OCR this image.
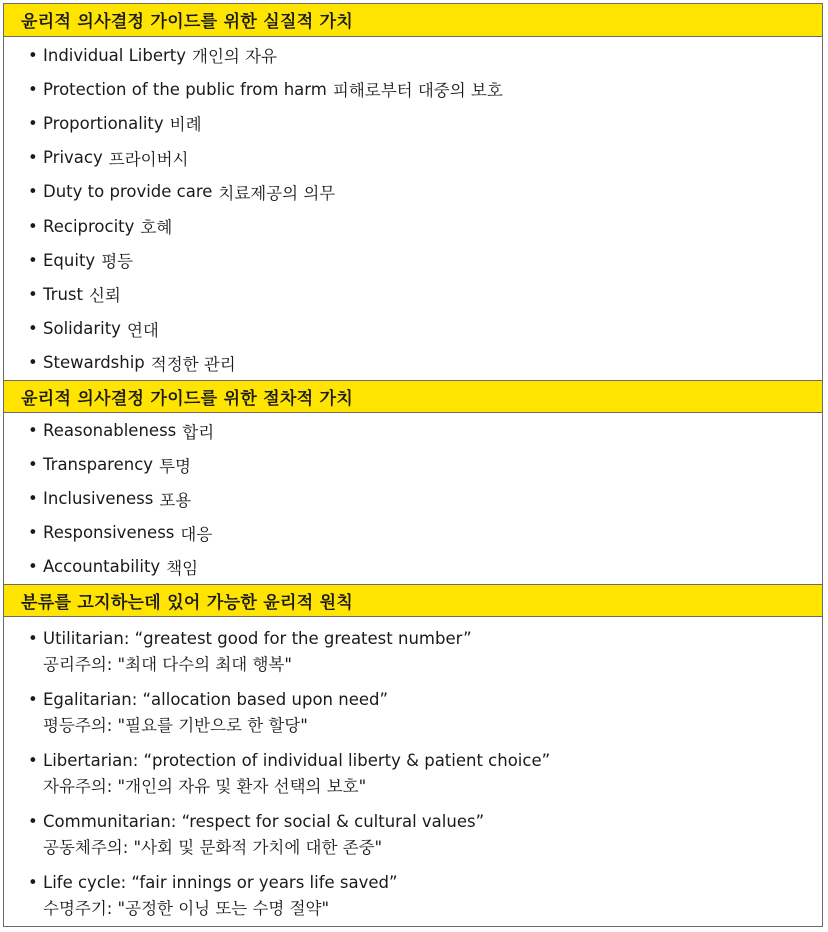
윤리적 의사결정 가이드를 위한 실질적 가치
• Individual Liberty 개인의 자유
• Protection of the public from harm 피해로부터 대중의 보호
• Proportionality 비례
• Privacy 프라이버시
• Duty to provide care 치료제공의 의무
• Reciprocity 호혜
• Equity 평등
• Trust 신뢰
• Solidarity 연대
• Stewardship 적정한 관리
윤리적 의사결정 가이드를 위한 절차적 가치
• Reasonableness 합리
• Transparency 투명
• Inclusiveness 포용
• Responsiveness 대응
• Accountability 책임
분류를 고지하는데 있어 가능한 윤리적 원칙
• Utilitarian: “greatest good for the greatest number”
공리주의: "최대 다수의 최대 행복"
• Egalitarian: “allocation based upon need”
평등주의: "필요를 기반으로 한 할당"
• Libertarian: “protection of individual liberty & patient choice”
자유주의: "개인의 자유 및 환자 선택의 보호"
• Communitarian: “respect for social & cultural values”
공동체주의: "사회 및 문화적 가치에 대한 존중"
• Life cycle: “fair innings or years life saved”
수명주기: "공정한 이닝 또는 수명 절약"
